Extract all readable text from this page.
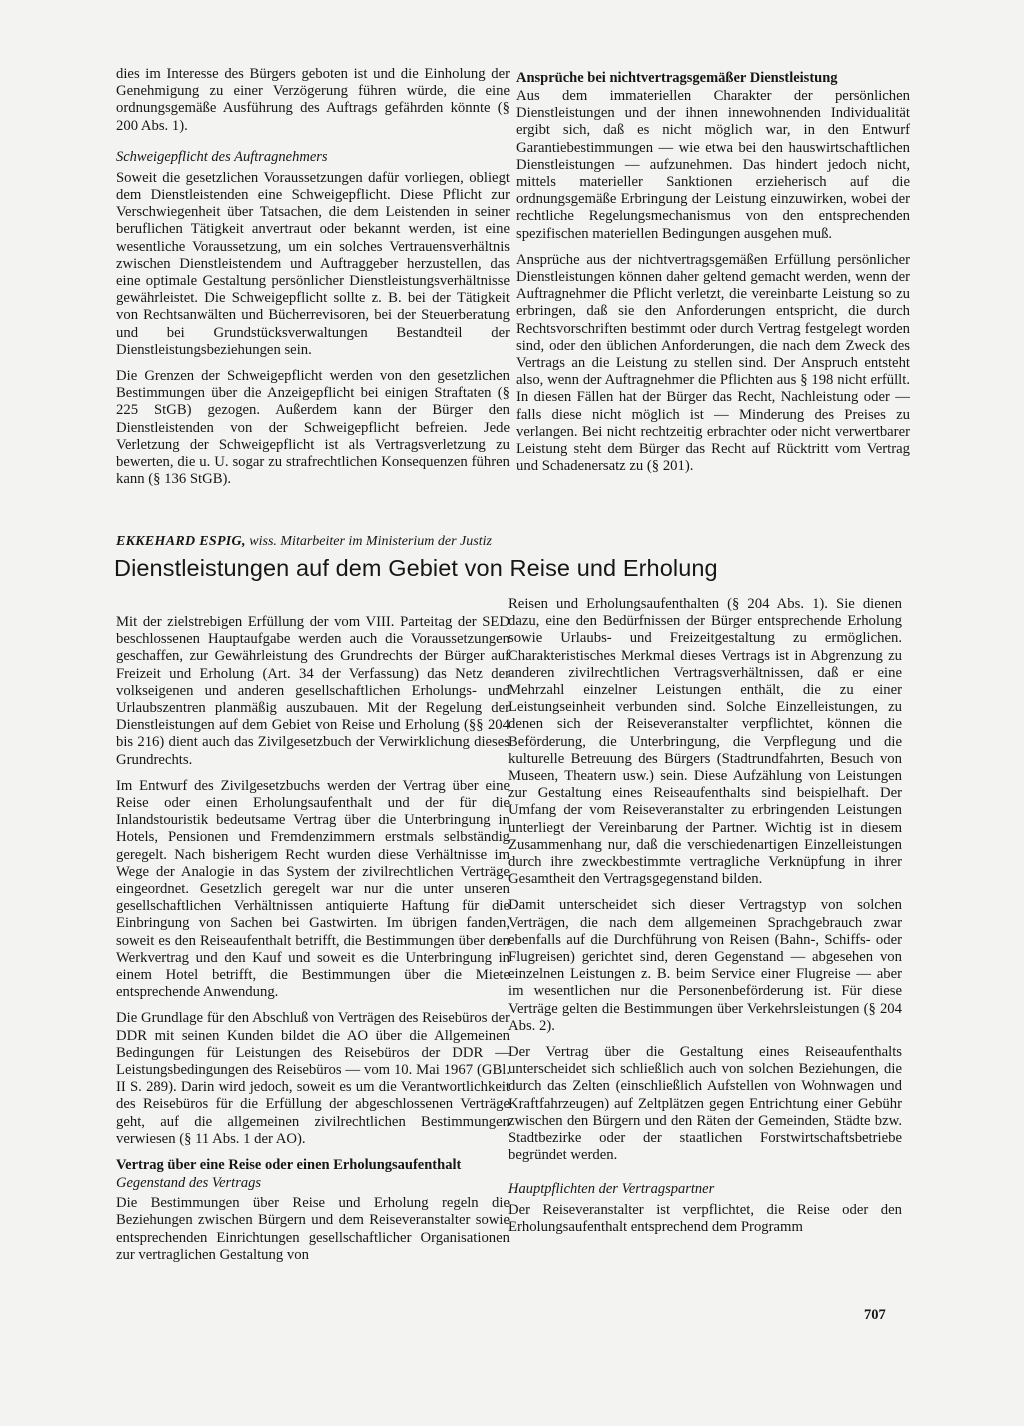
dies im Interesse des Bürgers geboten ist und die Einholung der Genehmigung zu einer Verzögerung führen würde, die eine ordnungsgemäße Ausführung des Auftrags gefährden könnte (§ 200 Abs. 1).

Schweigepflicht des Auftragnehmers

Soweit die gesetzlichen Voraussetzungen dafür vorliegen, obliegt dem Dienstleistenden eine Schweigepflicht. Diese Pflicht zur Verschwiegenheit über Tatsachen, die dem Leistenden in seiner beruflichen Tätigkeit anvertraut oder bekannt werden, ist eine wesentliche Voraussetzung, um ein solches Vertrauensverhältnis zwischen Dienstleistendem und Auftraggeber herzustellen, das eine optimale Gestaltung persönlicher Dienstleistungsverhältnisse gewährleistet. Die Schweigepflicht sollte z. B. bei der Tätigkeit von Rechtsanwälten und Bücherrevisoren, bei der Steuerberatung und bei Grundstücksverwaltungen Bestandteil der Dienstleistungsbeziehungen sein.

Die Grenzen der Schweigepflicht werden von den gesetzlichen Bestimmungen über die Anzeigepflicht bei einigen Straftaten (§ 225 StGB) gezogen. Außerdem kann der Bürger den Dienstleistenden von der Schweigepflicht befreien. Jede Verletzung der Schweigepflicht ist als Vertragsverletzung zu bewerten, die u. U. sogar zu strafrechtlichen Konsequenzen führen kann (§ 136 StGB).

Ansprüche bei nichtvertragsgemäßer Dienstleistung

Aus dem immateriellen Charakter der persönlichen Dienstleistungen und der ihnen innewohnenden Individualität ergibt sich, daß es nicht möglich war, in den Entwurf Garantiebestimmungen — wie etwa bei den hauswirtschaftlichen Dienstleistungen — aufzunehmen. Das hindert jedoch nicht, mittels materieller Sanktionen erzieherisch auf die ordnungsgemäße Erbringung der Leistung einzuwirken, wobei der rechtliche Regelungsmechanismus von den entsprechenden spezifischen materiellen Bedingungen ausgehen muß.

Ansprüche aus der nichtvertragsgemäßen Erfüllung persönlicher Dienstleistungen können daher geltend gemacht werden, wenn der Auftragnehmer die Pflicht verletzt, die vereinbarte Leistung so zu erbringen, daß sie den Anforderungen entspricht, die durch Rechtsvorschriften bestimmt oder durch Vertrag festgelegt worden sind, oder den üblichen Anforderungen, die nach dem Zweck des Vertrags an die Leistung zu stellen sind. Der Anspruch entsteht also, wenn der Auftragnehmer die Pflichten aus § 198 nicht erfüllt. In diesen Fällen hat der Bürger das Recht, Nachleistung oder — falls diese nicht möglich ist — Minderung des Preises zu verlangen. Bei nicht rechtzeitig erbrachter oder nicht verwertbarer Leistung steht dem Bürger das Recht auf Rücktritt vom Vertrag und Schadenersatz zu (§ 201).

EKKEHARD ESPIG, wiss. Mitarbeiter im Ministerium der Justiz
Dienstleistungen auf dem Gebiet von Reise und Erholung

Mit der zielstrebigen Erfüllung der vom VIII. Parteitag der SED beschlossenen Hauptaufgabe werden auch die Voraussetzungen geschaffen, zur Gewährleistung des Grundrechts der Bürger auf Freizeit und Erholung (Art. 34 der Verfassung) das Netz der volkseigenen und anderen gesellschaftlichen Erholungs- und Urlaubszentren planmäßig auszubauen. Mit der Regelung der Dienstleistungen auf dem Gebiet von Reise und Erholung (§§ 204 bis 216) dient auch das Zivilgesetzbuch der Verwirklichung dieses Grundrechts.

Im Entwurf des Zivilgesetzbuchs werden der Vertrag über eine Reise oder einen Erholungsaufenthalt und der für die Inlandstouristik bedeutsame Vertrag über die Unterbringung in Hotels, Pensionen und Fremdenzimmern erstmals selbständig geregelt. Nach bisherigem Recht wurden diese Verhältnisse im Wege der Analogie in das System der zivilrechtlichen Verträge eingeordnet. Gesetzlich geregelt war nur die unter unseren gesellschaftlichen Verhältnissen antiquierte Haftung für die Einbringung von Sachen bei Gastwirten. Im übrigen fanden, soweit es den Reiseaufenthalt betrifft, die Bestimmungen über den Werkvertrag und den Kauf und soweit es die Unterbringung in einem Hotel betrifft, die Bestimmungen über die Miete entsprechende Anwendung.

Die Grundlage für den Abschluß von Verträgen des Reisebüros der DDR mit seinen Kunden bildet die AO über die Allgemeinen Bedingungen für Leistungen des Reisebüros der DDR — Leistungsbedingungen des Reisebüros — vom 10. Mai 1967 (GBl. II S. 289). Darin wird jedoch, soweit es um die Verantwortlichkeit des Reisebüros für die Erfüllung der abgeschlossenen Verträge geht, auf die allgemeinen zivilrechtlichen Bestimmungen verwiesen (§ 11 Abs. 1 der AO).

Vertrag über eine Reise oder einen Erholungsaufenthalt
Gegenstand des Vertrags

Die Bestimmungen über Reise und Erholung regeln die Beziehungen zwischen Bürgern und dem Reiseveranstalter sowie entsprechenden Einrichtungen gesellschaftlicher Organisationen zur vertraglichen Gestaltung von

Reisen und Erholungsaufenthalten (§ 204 Abs. 1). Sie dienen dazu, eine den Bedürfnissen der Bürger entsprechende Erholung sowie Urlaubs- und Freizeitgestaltung zu ermöglichen. Charakteristisches Merkmal dieses Vertrags ist in Abgrenzung zu anderen zivilrechtlichen Vertragsverhältnissen, daß er eine Mehrzahl einzelner Leistungen enthält, die zu einer Leistungseinheit verbunden sind. Solche Einzelleistungen, zu denen sich der Reiseveranstalter verpflichtet, können die Beförderung, die Unterbringung, die Verpflegung und die kulturelle Betreuung des Bürgers (Stadtrundfahrten, Besuch von Museen, Theatern usw.) sein. Diese Aufzählung von Leistungen zur Gestaltung eines Reiseaufenthalts sind beispielhaft. Der Umfang der vom Reiseveranstalter zu erbringenden Leistungen unterliegt der Vereinbarung der Partner. Wichtig ist in diesem Zusammenhang nur, daß die verschiedenartigen Einzelleistungen durch ihre zweckbestimmte vertragliche Verknüpfung in ihrer Gesamtheit den Vertragsgegenstand bilden.

Damit unterscheidet sich dieser Vertragstyp von solchen Verträgen, die nach dem allgemeinen Sprachgebrauch zwar ebenfalls auf die Durchführung von Reisen (Bahn-, Schiffs- oder Flugreisen) gerichtet sind, deren Gegenstand — abgesehen von einzelnen Leistungen z. B. beim Service einer Flugreise — aber im wesentlichen nur die Personenbeförderung ist. Für diese Verträge gelten die Bestimmungen über Verkehrsleistungen (§ 204 Abs. 2).

Der Vertrag über die Gestaltung eines Reiseaufenthalts unterscheidet sich schließlich auch von solchen Beziehungen, die durch das Zelten (einschließlich Aufstellen von Wohnwagen und Kraftfahrzeugen) auf Zeltplätzen gegen Entrichtung einer Gebühr zwischen den Bürgern und den Räten der Gemeinden, Städte bzw. Stadtbezirke oder der staatlichen Forstwirtschaftsbetriebe begründet werden.

Hauptpflichten der Vertragspartner

Der Reiseveranstalter ist verpflichtet, die Reise oder den Erholungsaufenthalt entsprechend dem Programm

707
